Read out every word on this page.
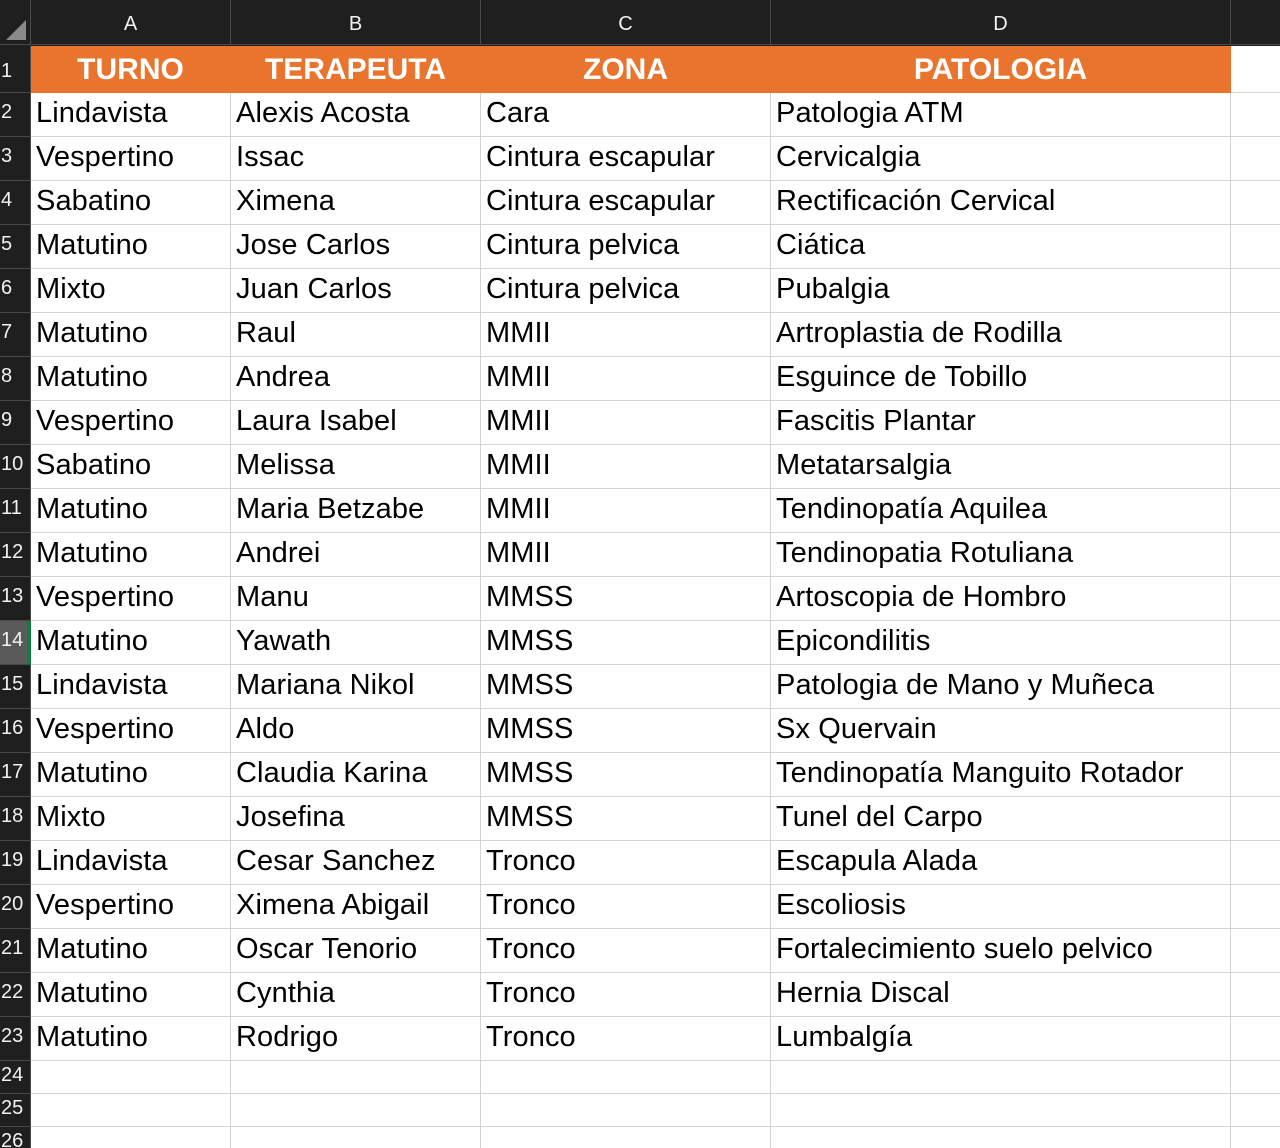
A	B	C	D
TURNO	TERAPEUTA	ZONA	PATOLOGIA
1
2
3
4
5
6
7
8
9
10
11
12
13
14
15
16
17
18
19
20
21
22
23
24
25
26
Lindavista	Alexis Acosta	Cara	Patologia ATM
Vespertino	Issac	Cintura escapular	Cervicalgia
Sabatino	Ximena	Cintura escapular	Rectificación Cervical
Matutino	Jose Carlos	Cintura pelvica	Ciática
Mixto	Juan Carlos	Cintura pelvica	Pubalgia
Matutino	Raul	MMII	Artroplastia de Rodilla
Matutino	Andrea	MMII	Esguince de Tobillo
Vespertino	Laura Isabel	MMII	Fascitis Plantar
Sabatino	Melissa	MMII	Metatarsalgia
Matutino	Maria Betzabe	MMII	Tendinopatía Aquilea
Matutino	Andrei	MMII	Tendinopatia Rotuliana
Vespertino	Manu	MMSS	Artoscopia de Hombro
Matutino	Yawath	MMSS	Epicondilitis
Lindavista	Mariana Nikol	MMSS	Patologia de Mano y Muñeca
Vespertino	Aldo	MMSS	Sx Quervain
Matutino	Claudia Karina	MMSS	Tendinopatía Manguito Rotador
Mixto	Josefina	MMSS	Tunel del Carpo
Lindavista	Cesar Sanchez	Tronco	Escapula Alada
Vespertino	Ximena Abigail	Tronco	Escoliosis
Matutino	Oscar Tenorio	Tronco	Fortalecimiento suelo pelvico
Matutino	Cynthia	Tronco	Hernia Discal
Matutino	Rodrigo	Tronco	Lumbalgía
